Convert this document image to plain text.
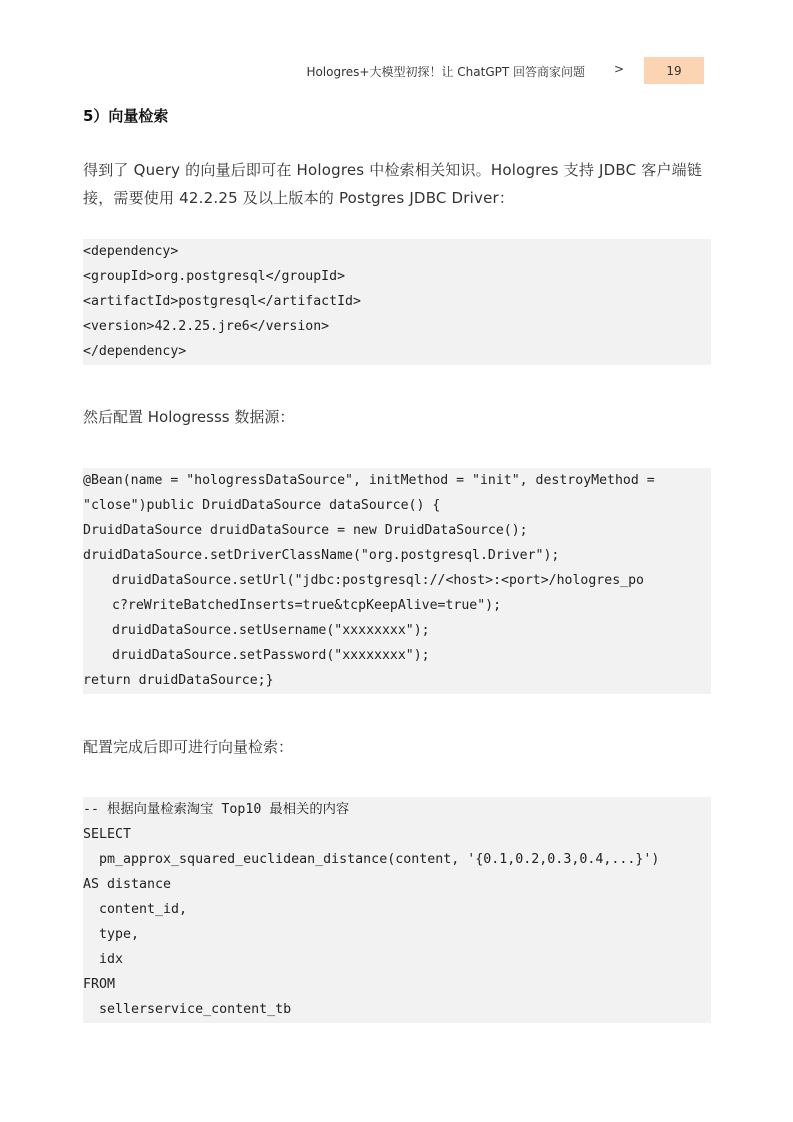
Hologres+大模型初探！让 ChatGPT 回答商家问题 >	19
5）向量检索
得到了 Query 的向量后即可在 Hologres 中检索相关知识。Hologres 支持 JDBC 客户端链接，需要使用 42.2.25 及以上版本的 Postgres JDBC Driver：
<dependency>
<groupId>org.postgresql</groupId>
<artifactId>postgresql</artifactId>
<version>42.2.25.jre6</version>
</dependency>
然后配置 Hologresss 数据源：
@Bean(name = "hologressDataSource", initMethod = "init", destroyMethod =
"close")public DruidDataSource dataSource() {
DruidDataSource druidDataSource = new DruidDataSource();
druidDataSource.setDriverClassName("org.postgresql.Driver");
druidDataSource.setUrl("jdbc:postgresql://<host>:<port>/holo​gres_po
c?reWriteBatchedInserts=true&tcpKeepAlive=true");
druidDataSource.setUsername("xxxxxxxx");
druidDataSource.setPassword("xxxxxxxx");
return druidDataSource;}
配置完成后即可进行向量检索：
-- 根据向量检索淘宝 Top10 最相关的内容
SELECT
pm_approx_squared_euclidean_distance(content, '{0.1,0.2,0.3,0.4,...}')
AS distance
content_id,
type,
idx
FROM
sellerservice_content_tb
